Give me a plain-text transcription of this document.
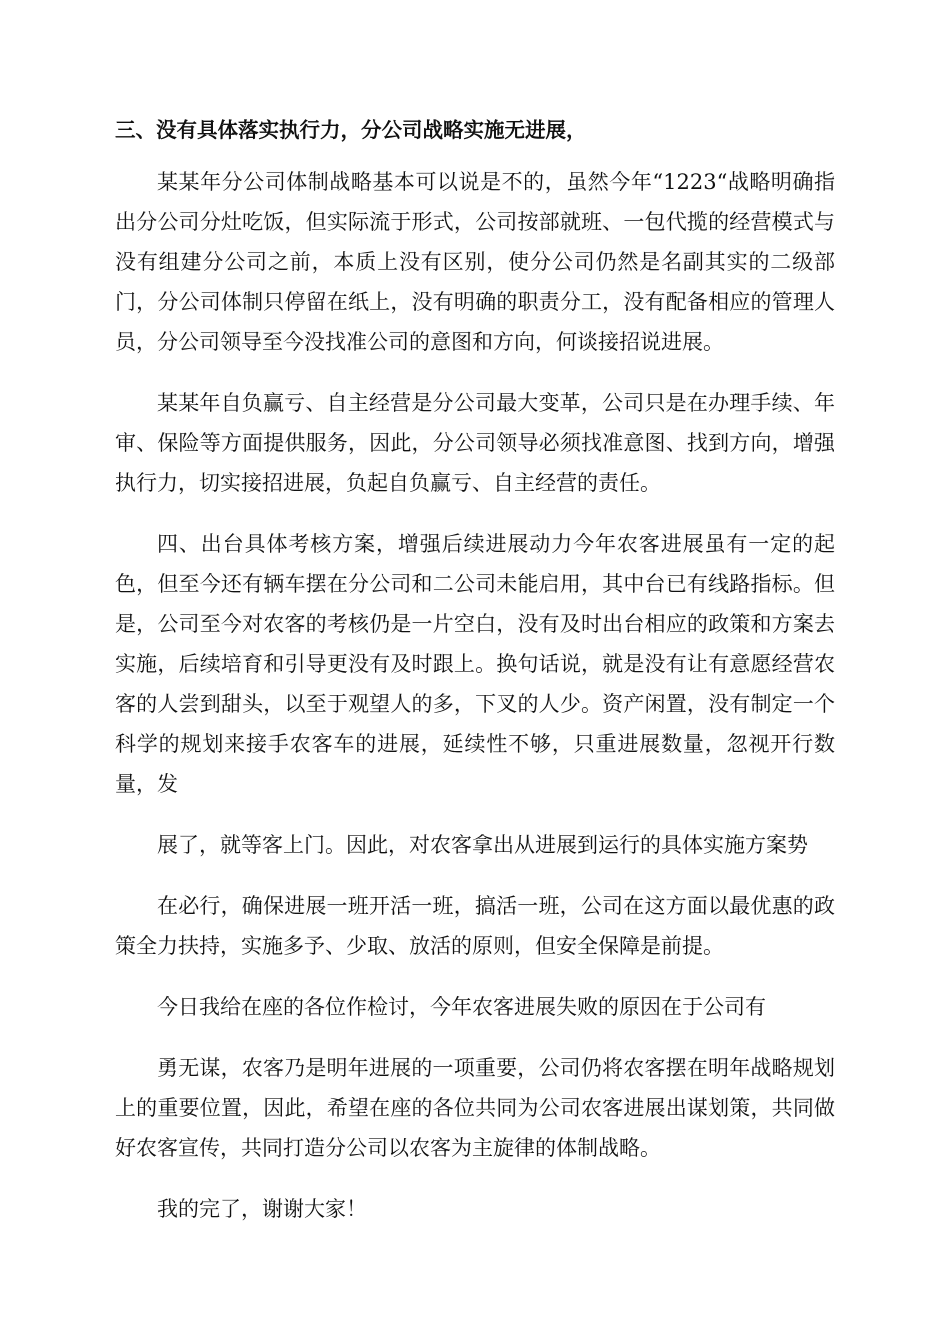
三、没有具体落实执行力，分公司战略实施无进展，

某某年分公司体制战略基本可以说是不的，虽然今年“1223“战略明确指出分公司分灶吃饭，但实际流于形式，公司按部就班、一包代揽的经营模式与没有组建分公司之前，本质上没有区别，使分公司仍然是名副其实的二级部门，分公司体制只停留在纸上，没有明确的职责分工，没有配备相应的管理人员，分公司领导至今没找准公司的意图和方向，何谈接招说进展。

某某年自负赢亏、自主经营是分公司最大变革，公司只是在办理手续、年审、保险等方面提供服务，因此，分公司领导必须找准意图、找到方向，增强执行力，切实接招进展，负起自负赢亏、自主经营的责任。

四、出台具体考核方案，增强后续进展动力今年农客进展虽有一定的起色，但至今还有辆车摆在分公司和二公司未能启用，其中台已有线路指标。但是，公司至今对农客的考核仍是一片空白，没有及时出台相应的政策和方案去实施，后续培育和引导更没有及时跟上。换句话说，就是没有让有意愿经营农客的人尝到甜头，以至于观望人的多，下叉的人少。资产闲置，没有制定一个科学的规划来接手农客车的进展，延续性不够，只重进展数量，忽视开行数量，发

展了，就等客上门。因此，对农客拿出从进展到运行的具体实施方案势

在必行，确保进展一班开活一班，搞活一班，公司在这方面以最优惠的政策全力扶持，实施多予、少取、放活的原则，但安全保障是前提。

今日我给在座的各位作检讨，今年农客进展失败的原因在于公司有

勇无谋，农客乃是明年进展的一项重要，公司仍将农客摆在明年战略规划上的重要位置，因此，希望在座的各位共同为公司农客进展出谋划策，共同做好农客宣传，共同打造分公司以农客为主旋律的体制战略。

我的完了，谢谢大家！
